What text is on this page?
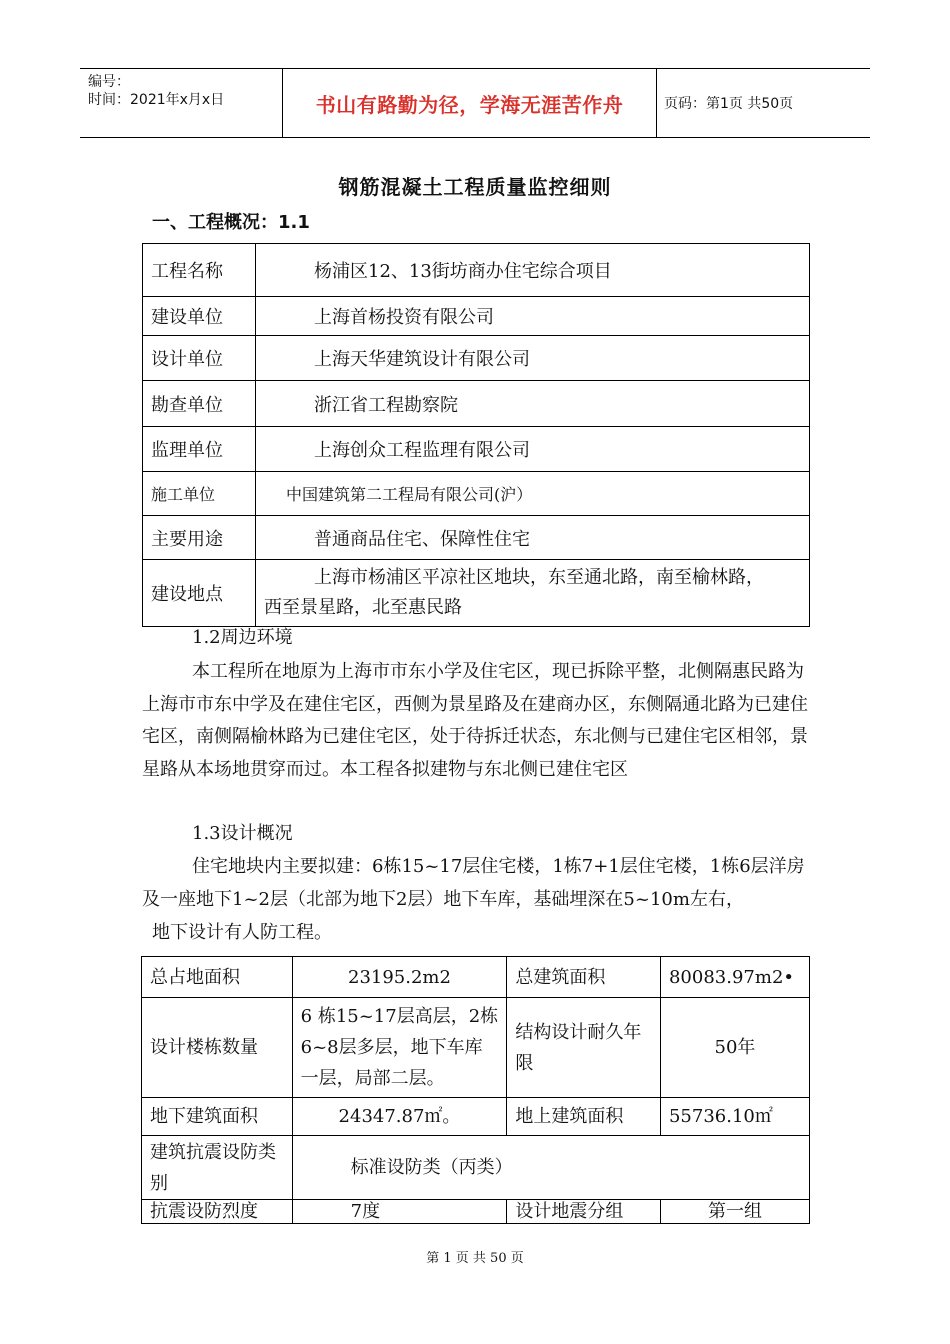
编号：
时间：2021年x月x日	书山有路勤为径，学海无涯苦作舟	页码：第1页 共50页
钢筋混凝土工程质量监控细则
一、工程概况：1.1
工程名称	杨浦区12、13街坊商办住宅综合项目
建设单位	上海首杨投资有限公司
设计单位	上海天华建筑设计有限公司
勘查单位	浙江省工程勘察院
监理单位	上海创众工程监理有限公司
施工单位	中国建筑第二工程局有限公司(沪）
主要用途	普通商品住宅、保障性住宅
建设地点	上海市杨浦区平凉社区地块，东至通北路，南至榆林路，
西至景星路，北至惠民路
1.2周边环境
本工程所在地原为上海市市东小学及住宅区，现已拆除平整，北侧隔惠民路为上海市市东中学及在建住宅区，西侧为景星路及在建商办区，东侧隔通北路为已建住宅区，南侧隔榆林路为已建住宅区，处于待拆迁状态，东北侧与已建住宅区相邻，景星路从本场地贯穿而过。本工程各拟建物与东北侧已建住宅区
1.3设计概况
住宅地块内主要拟建：6栋15~17层住宅楼，1栋7+1层住宅楼，1栋6层洋房及一座地下1~2层（北部为地下2层）地下车库，基础埋深在5~10m左右，
地下设计有人防工程。
总占地面积	23195.2m2	总建筑面积	80083.97m2•
设计楼栋数量	6 栋15~17层高层，2栋6~8层多层，地下车库一层，局部二层。	结构设计耐久年限	50年
地下建筑面积	24347.87㎡。	地上建筑面积	55736.10㎡
建筑抗震设防类别	标准设防类（丙类）		
抗震设防烈度	7度	设计地震分组	第一组
第 1 页 共 50 页
